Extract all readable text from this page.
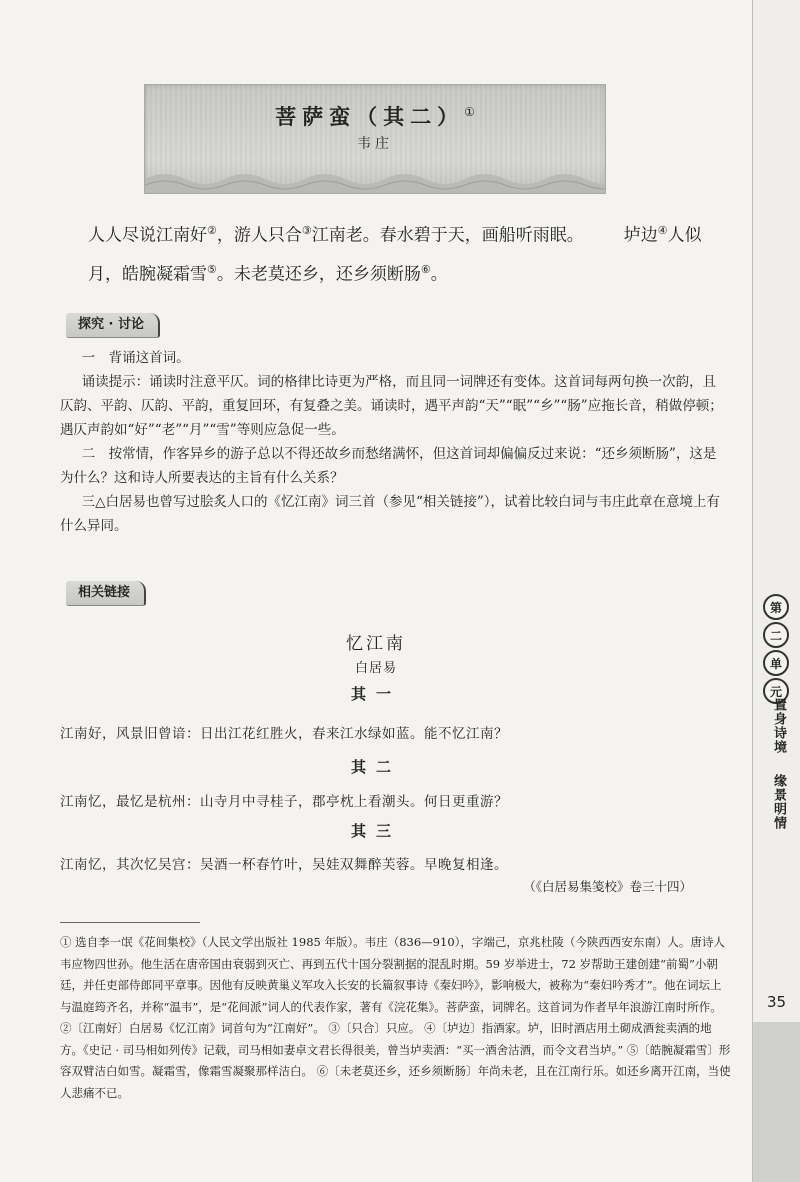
菩萨蛮（其二）①
韦庄
人人尽说江南好②，游人只合③江南老。春水碧于天，画船听雨眠。 垆边④人似月，皓腕凝霜雪⑤。未老莫还乡，还乡须断肠⑥。
探究 · 讨论

一　背诵这首词。

诵读提示：诵读时注意平仄。词的格律比诗更为严格，而且同一词牌还有变体。这首词每两句换一次韵，且仄韵、平韵、仄韵、平韵，重复回环，有复叠之美。诵读时，遇平声韵“天”“眠”“乡”“肠”应拖长音，稍做停顿；遇仄声韵如“好”“老”“月”“雪”等则应急促一些。

二　按常情，作客异乡的游子总以不得还故乡而愁绪满怀，但这首词却偏偏反过来说：“还乡须断肠”，这是为什么？这和诗人所要表达的主旨有什么关系？

三△白居易也曾写过脍炙人口的《忆江南》词三首（参见“相关链接”），试着比较白词与韦庄此章在意境上有什么异同。

相关链接
忆江南
白居易
其一
江南好，风景旧曾谙：日出江花红胜火，春来江水绿如蓝。能不忆江南？
其二
江南忆，最忆是杭州：山寺月中寻桂子，郡亭枕上看潮头。何日更重游？
其三
江南忆，其次忆吴宫：吴酒一杯春竹叶，吴娃双舞醉芙蓉。早晚复相逢。
（《白居易集笺校》卷三十四）

① 选自李一氓《花间集校》（人民文学出版社 1985 年版）。韦庄（836—910），字端己，京兆杜陵（今陕西西安东南）人。唐诗人韦应物四世孙。他生活在唐帝国由衰弱到灭亡、再到五代十国分裂割据的混乱时期。59 岁举进士，72 岁帮助王建创建“前蜀”小朝廷，并任吏部侍郎同平章事。因他有反映黄巢义军攻入长安的长篇叙事诗《秦妇吟》，影响极大，被称为“秦妇吟秀才”。他在词坛上与温庭筠齐名，并称“温韦”，是“花间派”词人的代表作家，著有《浣花集》。菩萨蛮，词牌名。这首词为作者早年浪游江南时所作。

②〔江南好〕白居易《忆江南》词首句为“江南好”。 ③〔只合〕只应。 ④〔垆边〕指酒家。垆，旧时酒店用土砌成酒瓮卖酒的地方。《史记 · 司马相如列传》记载，司马相如妻卓文君长得很美，曾当垆卖酒：“买一酒舍沽酒，而令文君当垆。” ⑤〔皓腕凝霜雪〕形容双臂洁白如雪。凝霜雪，像霜雪凝聚那样洁白。 ⑥〔未老莫还乡，还乡须断肠〕年尚未老，且在江南行乐。如还乡离开江南，当使人悲痛不已。

第
二
单
元
置身诗境
缘景明情
35
